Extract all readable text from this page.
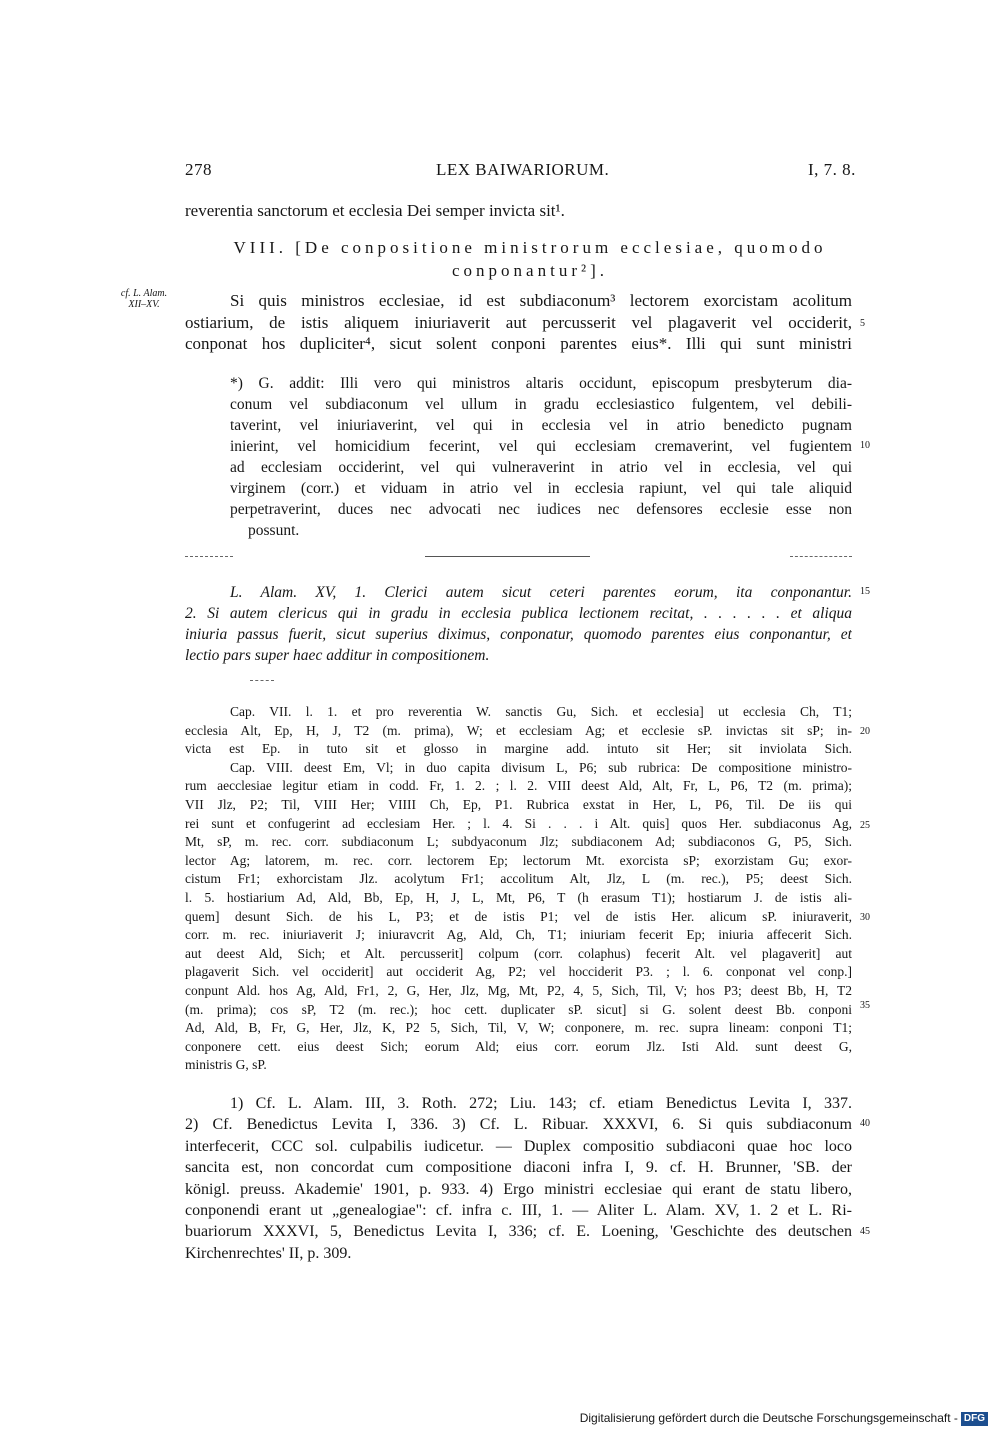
278	LEX BAIWARIORUM.	I, 7. 8.
reverentia sanctorum et ecclesia Dei semper invicta sit¹.
VIII. [De conpositione ministrorum ecclesiae, quomodo
conponantur²].
cf. L. Alam.
XII–XV.	Si quis ministros ecclesiae, id est subdiaconum³ lectorem exorcistam acolitum
ostiarium, de istis aliquem iniuriaverit aut percusserit vel plagaverit vel occiderit,
conponat hos dupliciter⁴, sicut solent conponi parentes eius*. Illi qui sunt ministri
*) G. addit: Illi vero qui ministros altaris occidunt, episcopum presbyterum dia-
conum vel subdiaconum vel ullum in gradu ecclesiastico fulgentem, vel debili-
taverint, vel iniuriaverint, vel qui in ecclesia vel in atrio benedicto pugnam
inierint, vel homicidium fecerint, vel qui ecclesiam cremaverint, vel fugientem
ad ecclesiam occiderint, vel qui vulneraverint in atrio vel in ecclesia, vel qui
virginem (corr.) et viduam in atrio vel in ecclesia rapiunt, vel qui tale aliquid
perpetraverint, duces nec advocati nec iudices nec defensores ecclesie esse non
possunt.
L. Alam. XV, 1. Clerici autem sicut ceteri parentes eorum, ita conponantur.
2. Si autem clericus qui in gradu in ecclesia publica lectionem recitat, . . . . . . et aliqua
iniuria passus fuerit, sicut superius diximus, conponatur, quomodo parentes eius conponantur, et
lectio pars super haec additur in compositionem.
Cap. VII. l. 1. et pro reverentia W. sanctis Gu, Sich. et ecclesia] ut ecclesia Ch, T1;
ecclesia Alt, Ep, H, J, T2 (m. prima), W; et ecclesiam Ag; et ecclesie sP. invictas sit sP; in-
victa est Ep. in tuto sit et glosso in margine add. intuto sit Her; sit inviolata Sich.
Cap. VIII. deest Em, Vl; in duo capita divisum L, P6; sub rubrica: De compositione ministro-
rum aecclesiae legitur etiam in codd. Fr, 1. 2. ; l. 2. VIII deest Ald, Alt, Fr, L, P6, T2 (m. prima);
VII Jlz, P2; Til, VIII Her; VIIII Ch, Ep, P1. Rubrica exstat in Her, L, P6, Til. De iis qui
rei sunt et confugerint ad ecclesiam Her. ; l. 4. Si . . . i Alt. quis] quos Her. subdiaconus Ag,
Mt, sP, m. rec. corr. subdiaconum L; subdyaconum Jlz; subdiaconem Ad; subdiaconos G, P5, Sich.
lector Ag; latorem, m. rec. corr. lectorem Ep; lectorum Mt. exorcista sP; exorzistam Gu; exor-
cistum Fr1; exhorcistam Jlz. acolytum Fr1; accolitum Alt, Jlz, L (m. rec.), P5; deest Sich.
l. 5. hostiarium Ad, Ald, Bb, Ep, H, J, L, Mt, P6, T (h erasum T1); hostiarum J. de istis ali-
quem] desunt Sich. de his L, P3; et de istis P1; vel de istis Her. alicum sP. iniuraverit,
corr. m. rec. iniuriaverit J; iniuravcrit Ag, Ald, Ch, T1; iniuriam fecerit Ep; iniuria affecerit Sich.
aut deest Ald, Sich; et Alt. percusserit] colpum (corr. colaphus) fecerit Alt. vel plagaverit] aut
plagaverit Sich. vel occiderit] aut occiderit Ag, P2; vel hocciderit P3. ; l. 6. conponat vel conp.]
conpunt Ald. hos Ag, Ald, Fr1, 2, G, Her, Jlz, Mg, Mt, P2, 4, 5, Sich, Til, V; hos P3; deest Bb, H, T2
(m. prima); cos sP, T2 (m. rec.); hoc cett. duplicater sP. sicut] si G. solent deest Bb. conponi
Ad, Ald, B, Fr, G, Her, Jlz, K, P2 5, Sich, Til, V, W; conponere, m. rec. supra lineam: conponi T1;
conponere cett. eius deest Sich; eorum Ald; eius corr. eorum Jlz. Isti Ald. sunt deest G,
ministris G, sP.
1) Cf. L. Alam. III, 3. Roth. 272; Liu. 143; cf. etiam Benedictus Levita I, 337.
2) Cf. Benedictus Levita I, 336. 3) Cf. L. Ribuar. XXXVI, 6. Si quis subdiaconum
interfecerit, CCC sol. culpabilis iudicetur. — Duplex compositio subdiaconi quae hoc loco
sancita est, non concordat cum compositione diaconi infra I, 9. cf. H. Brunner, 'SB. der
königl. preuss. Akademie' 1901, p. 933. 4) Ergo ministri ecclesiae qui erant de statu libero,
conponendi erant ut „genealogiae": cf. infra c. III, 1. — Aliter L. Alam. XV, 1. 2 et L. Ri-
buariorum XXXVI, 5, Benedictus Levita I, 336; cf. E. Loening, 'Geschichte des deutschen
Kirchenrechtes' II, p. 309.
5
10
15
20
25
30
35
40
45
Digitalisierung gefördert durch die Deutsche Forschungsgemeinschaft - DFG
